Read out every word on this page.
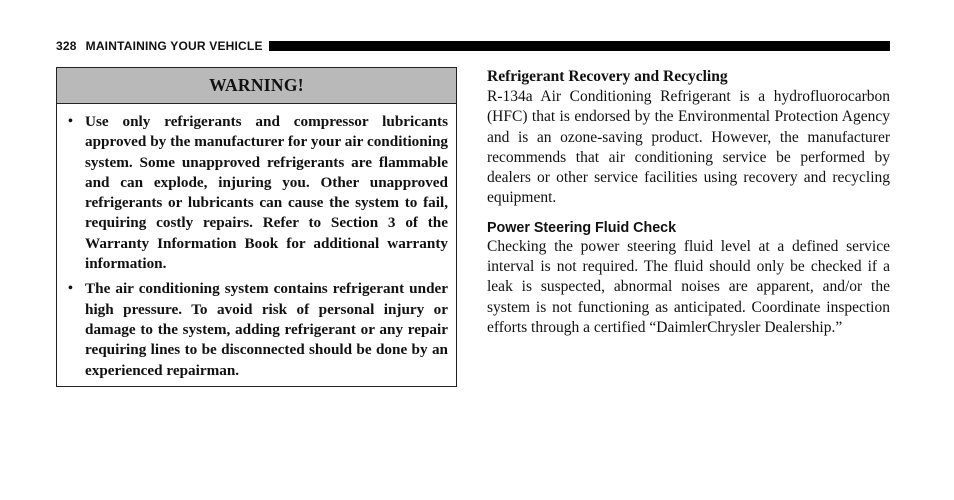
328 MAINTAINING YOUR VEHICLE
WARNING!
• Use only refrigerants and compressor lubricants approved by the manufacturer for your air conditioning system. Some unapproved refrigerants are flammable and can explode, injuring you. Other unapproved refrigerants or lubricants can cause the system to fail, requiring costly repairs. Refer to Section 3 of the Warranty Information Book for additional warranty information.
• The air conditioning system contains refrigerant under high pressure. To avoid risk of personal injury or damage to the system, adding refrigerant or any repair requiring lines to be disconnected should be done by an experienced repairman.
Refrigerant Recovery and Recycling

R-134a Air Conditioning Refrigerant is a hydrofluorocarbon (HFC) that is endorsed by the Environmental Protection Agency and is an ozone-saving product. However, the manufacturer recommends that air conditioning service be performed by dealers or other service facilities using recovery and recycling equipment.

Power Steering Fluid Check

Checking the power steering fluid level at a defined service interval is not required. The fluid should only be checked if a leak is suspected, abnormal noises are apparent, and/or the system is not functioning as anticipated. Coordinate inspection efforts through a certified “DaimlerChrysler Dealership.”
